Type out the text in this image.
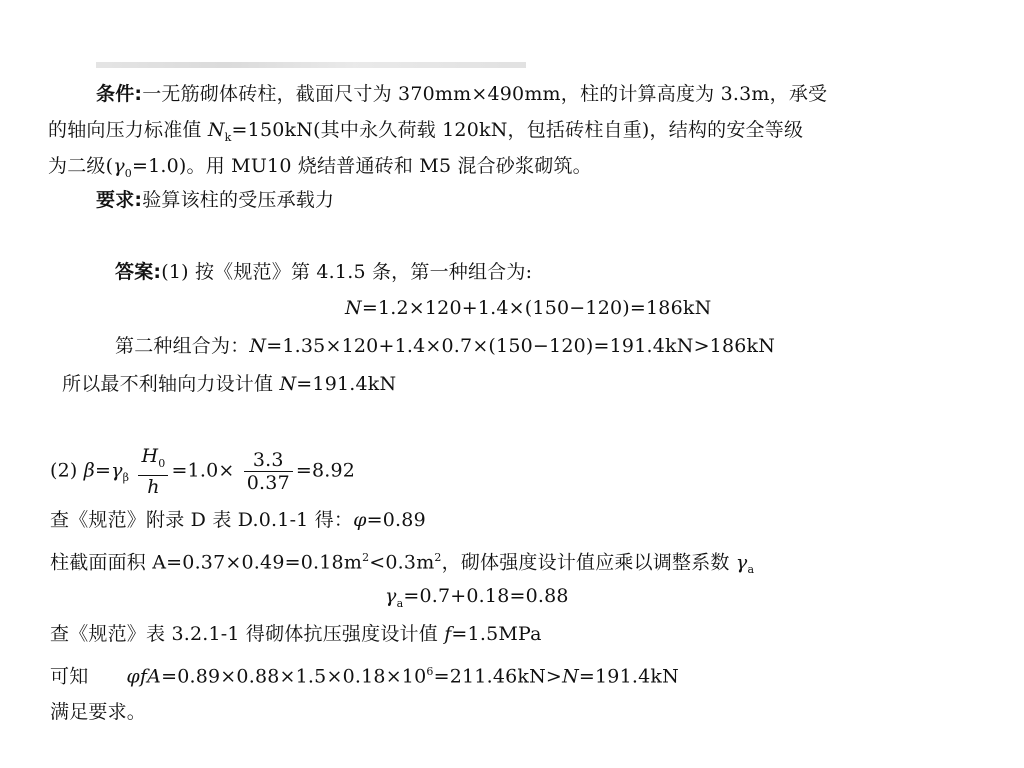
条件:一无筋砌体砖柱，截面尺寸为 370mm×490mm，柱的计算高度为 3.3m，承受
的轴向压力标准值 $N_k=150kN$(其中永久荷载 120kN，包括砖柱自重)，结构的安全等级
为二级$(\gamma_0=1.0)$。用 MU10 烧结普通砖和 M5 混合砂浆砌筑。
要求:验算该柱的受压承载力
答案:(1) 按《规范》第 4.1.5 条，第一种组合为:
N=1.2×120+1.4×(150−120)=186kN
第二种组合为：N=1.35×120+1.4×0.7×(150−120)=191.4kN>186kN
所以最不利轴向力设计值 N=191.4kN
(2) $\beta=\gamma_\beta \frac{H_0}{h} =1.0\times \frac{3.3}{0.37} =8.92$
查《规范》附录 D 表 D.0.1-1 得：φ=0.89
柱截面面积 $A=0.37\times 0.49=0.18m^2<0.3m^2$，砌体强度设计值应乘以调整系数 $\gamma_a$
$\gamma_a=0.7+0.18=0.88$
查《规范》表 3.2.1-1 得砌体抗压强度设计值 f=1.5MPa
可知 $\varphi fA=0.89\times 0.88\times 1.5\times 0.18\times 10^6=211.46kN>N=191.4kN$
满足要求。
